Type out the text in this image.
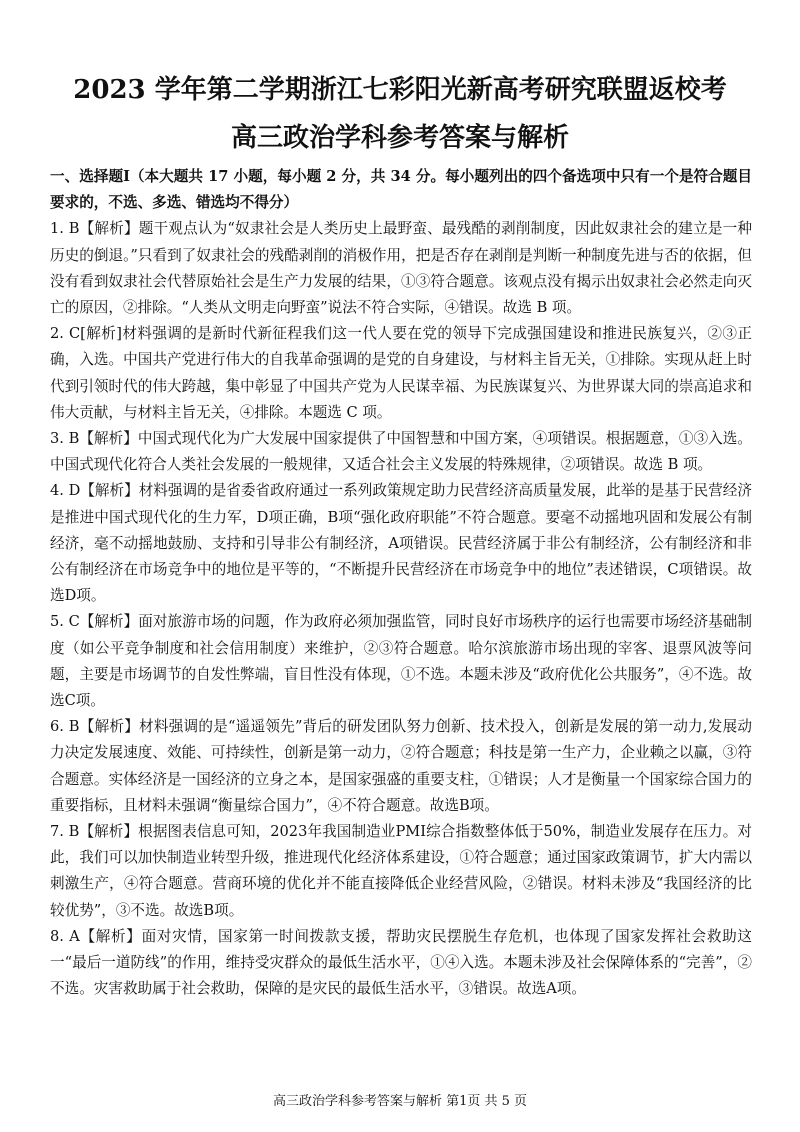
2023 学年第二学期浙江七彩阳光新高考研究联盟返校考
高三政治学科参考答案与解析

一、选择题Ⅰ（本大题共 17 小题，每小题 2 分，共 34 分。每小题列出的四个备选项中只有一个是符合题目要求的，不选、多选、错选均不得分）

1. B【解析】题干观点认为“奴隶社会是人类历史上最野蛮、最残酷的剥削制度，因此奴隶社会的建立是一种历史的倒退。”只看到了奴隶社会的残酷剥削的消极作用，把是否存在剥削是判断一种制度先进与否的依据，但没有看到奴隶社会代替原始社会是生产力发展的结果，①③符合题意。该观点没有揭示出奴隶社会必然走向灭亡的原因，②排除。“人类从文明走向野蛮”说法不符合实际，④错误。故选 B 项。

2. C[解析]材料强调的是新时代新征程我们这一代人要在党的领导下完成强国建设和推进民族复兴，②③正确，入选。中国共产党进行伟大的自我革命强调的是党的自身建设，与材料主旨无关，①排除。实现从赶上时代到引领时代的伟大跨越，集中彰显了中国共产党为人民谋幸福、为民族谋复兴、为世界谋大同的崇高追求和伟大贡献，与材料主旨无关，④排除。本题选 C 项。

3. B【解析】中国式现代化为广大发展中国家提供了中国智慧和中国方案，④项错误。根据题意，①③入选。中国式现代化符合人类社会发展的一般规律，又适合社会主义发展的特殊规律，②项错误。故选 B 项。

4. D【解析】材料强调的是省委省政府通过一系列政策规定助力民营经济高质量发展，此举的是基于民营经济是推进中国式现代化的生力军，D项正确，B项“强化政府职能”不符合题意。要毫不动摇地巩固和发展公有制经济，毫不动摇地鼓励、支持和引导非公有制经济，A项错误。民营经济属于非公有制经济，公有制经济和非公有制经济在市场竞争中的地位是平等的，“不断提升民营经济在市场竞争中的地位”表述错误，C项错误。故选D项。

5. C【解析】面对旅游市场的问题，作为政府必须加强监管，同时良好市场秩序的运行也需要市场经济基础制度（如公平竞争制度和社会信用制度）来维护，②③符合题意。哈尔滨旅游市场出现的宰客、退票风波等问题，主要是市场调节的自发性弊端，盲目性没有体现，①不选。本题未涉及“政府优化公共服务”，④不选。故选C项。

6. B【解析】材料强调的是“遥遥领先”背后的研发团队努力创新、技术投入，创新是发展的第一动力,发展动力决定发展速度、效能、可持续性，创新是第一动力，②符合题意；科技是第一生产力，企业赖之以赢，③符合题意。实体经济是一国经济的立身之本，是国家强盛的重要支柱，①错误；人才是衡量一个国家综合国力的重要指标，且材料未强调“衡量综合国力”，④不符合题意。故选B项。

7. B【解析】根据图表信息可知，2023年我国制造业PMI综合指数整体低于50%，制造业发展存在压力。对此，我们可以加快制造业转型升级，推进现代化经济体系建设，①符合题意；通过国家政策调节，扩大内需以刺激生产，④符合题意。营商环境的优化并不能直接降低企业经营风险，②错误。材料未涉及“我国经济的比较优势”，③不选。故选B项。

8. A【解析】面对灾情，国家第一时间拨款支援，帮助灾民摆脱生存危机，也体现了国家发挥社会救助这一“最后一道防线”的作用，维持受灾群众的最低生活水平，①④入选。本题未涉及社会保障体系的“完善”，②不选。灾害救助属于社会救助，保障的是灾民的最低生活水平，③错误。故选A项。

高三政治学科参考答案与解析 第1页 共 5 页
